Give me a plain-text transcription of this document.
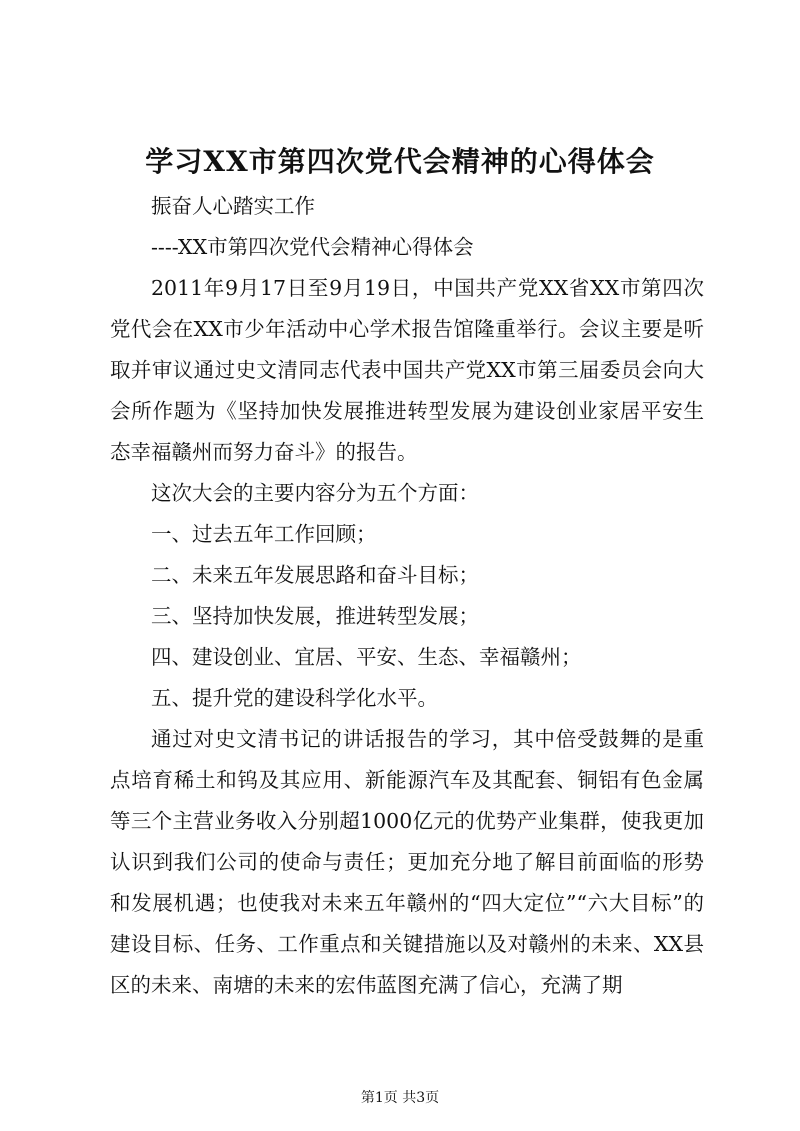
学习XX市第四次党代会精神的心得体会

振奋人心踏实工作

----XX市第四次党代会精神心得体会

2011年9月17日至9月19日，中国共产党XX省XX市第四次党代会在XX市少年活动中心学术报告馆隆重举行。会议主要是听取并审议通过史文清同志代表中国共产党XX市第三届委员会向大会所作题为《坚持加快发展推进转型发展为建设创业家居平安生态幸福赣州而努力奋斗》的报告。

这次大会的主要内容分为五个方面：

一、过去五年工作回顾；

二、未来五年发展思路和奋斗目标；

三、坚持加快发展，推进转型发展；

四、建设创业、宜居、平安、生态、幸福赣州；

五、提升党的建设科学化水平。

通过对史文清书记的讲话报告的学习，其中倍受鼓舞的是重点培育稀土和钨及其应用、新能源汽车及其配套、铜铝有色金属等三个主营业务收入分别超1000亿元的优势产业集群，使我更加认识到我们公司的使命与责任；更加充分地了解目前面临的形势和发展机遇；也使我对未来五年赣州的“四大定位”“六大目标”的建设目标、任务、工作重点和关键措施以及对赣州的未来、XX县区的未来、南塘的未来的宏伟蓝图充满了信心，充满了期

第1页 共3页
